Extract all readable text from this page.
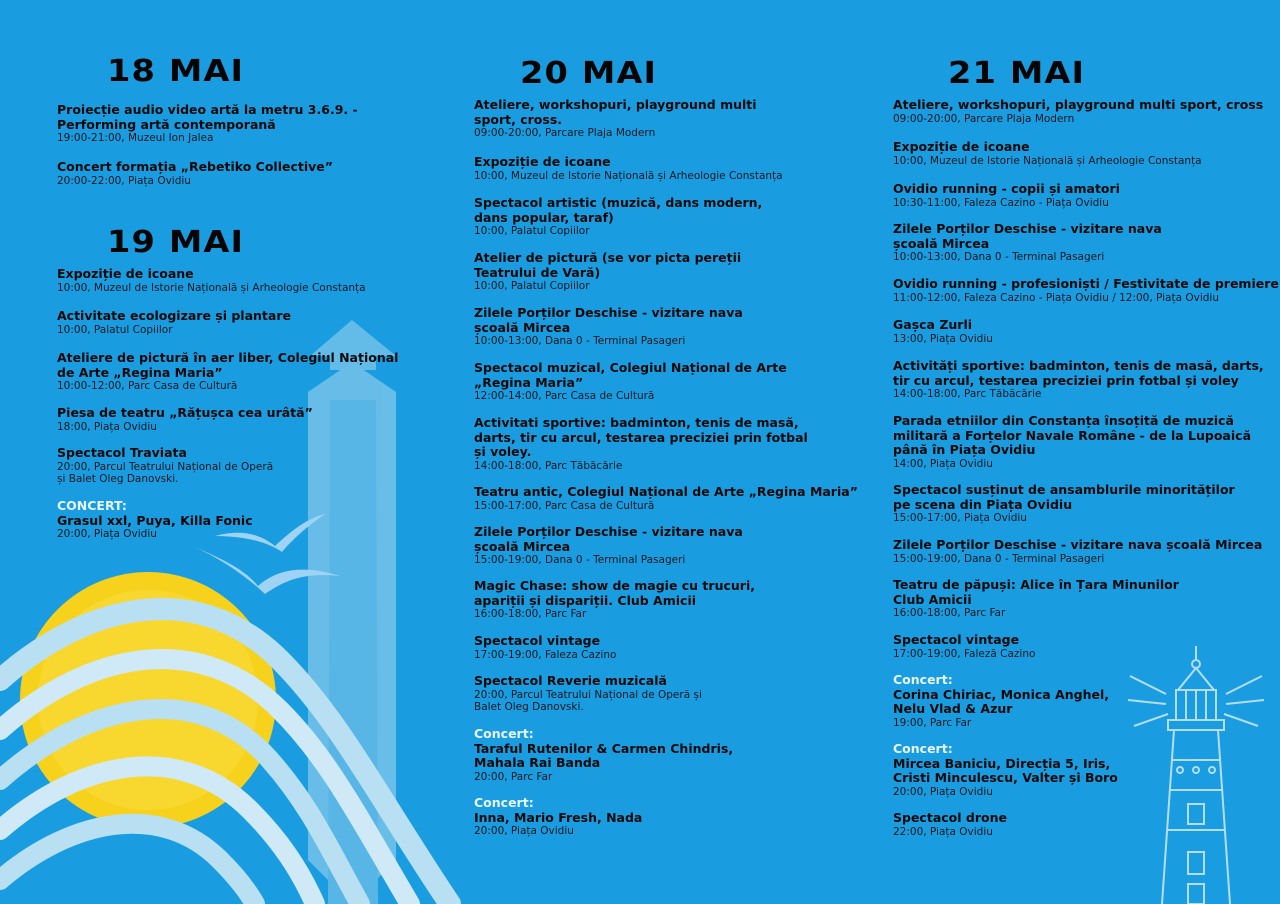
18 MAI
Proiecție audio video artă la metru 3.6.9. -
Performing artă contemporană
19:00-21:00, Muzeul Ion Jalea
Concert formația „Rebetiko Collective”
20:00-22:00, Piața Ovidiu
19 MAI
Expoziție de icoane
10:00, Muzeul de Istorie Națională și Arheologie Constanța
Activitate ecologizare și plantare
10:00, Palatul Copiilor
Ateliere de pictură în aer liber, Colegiul Național
de Arte „Regina Maria”
10:00-12:00, Parc Casa de Cultură
Piesa de teatru „Rățușca cea urâtă”
18:00, Piața Ovidiu
Spectacol Traviata
20:00, Parcul Teatrului Național de Operă
și Balet Oleg Danovski.
CONCERT:
Grasul xxl, Puya, Killa Fonic
20:00, Piața Ovidiu
20 MAI
Ateliere, workshopuri, playground multi
sport, cross.
09:00-20:00, Parcare Plaja Modern
Expoziție de icoane
10:00, Muzeul de Istorie Națională și Arheologie Constanța
Spectacol artistic (muzică, dans modern,
dans popular, taraf)
10:00, Palatul Copiilor
Atelier de pictură (se vor picta pereții
Teatrului de Vară)
10:00, Palatul Copiilor
Zilele Porților Deschise - vizitare nava
școală Mircea
10:00-13:00, Dana 0 - Terminal Pasageri
Spectacol muzical, Colegiul Național de Arte
„Regina Maria”
12:00-14:00, Parc Casa de Cultură
Activitati sportive: badminton, tenis de masă,
darts, tir cu arcul, testarea preciziei prin fotbal
și voley.
14:00-18:00, Parc Tăbăcărie
Teatru antic, Colegiul Național de Arte „Regina Maria”
15:00-17:00, Parc Casa de Cultură
Zilele Porților Deschise - vizitare nava
școală Mircea
15:00-19:00, Dana 0 - Terminal Pasageri
Magic Chase: show de magie cu trucuri,
apariții și dispariții. Club Amicii
16:00-18:00, Parc Far
Spectacol vintage
17:00-19:00, Faleza Cazino
Spectacol Reverie muzicală
20:00, Parcul Teatrului Național de Operă și
Balet Oleg Danovski.
Concert:
Taraful Rutenilor & Carmen Chindris,
Mahala Rai Banda
20:00, Parc Far
Concert:
Inna, Mario Fresh, Nada
20:00, Piața Ovidiu
21 MAI
Ateliere, workshopuri, playground multi sport, cross
09:00-20:00, Parcare Plaja Modern
Expoziție de icoane
10:00, Muzeul de Istorie Națională și Arheologie Constanța
Ovidio running - copii și amatori
10:30-11:00, Faleza Cazino - Piața Ovidiu
Zilele Porților Deschise - vizitare nava
școală Mircea
10:00-13:00, Dana 0 - Terminal Pasageri
Ovidio running - profesioniști / Festivitate de premiere
11:00-12:00, Faleza Cazino - Piața Ovidiu / 12:00, Piața Ovidiu
Gașca Zurli
13:00, Piața Ovidiu
Activități sportive: badminton, tenis de masă, darts,
tir cu arcul, testarea preciziei prin fotbal și voley
14:00-18:00, Parc Tăbăcărie
Parada etniilor din Constanța însoțită de muzică
militară a Forțelor Navale Române - de la Lupoaică
până în Piața Ovidiu
14:00, Piața Ovidiu
Spectacol susținut de ansamblurile minorităților
pe scena din Piața Ovidiu
15:00-17:00, Piața Ovidiu
Zilele Porților Deschise - vizitare nava școală Mircea
15:00-19:00, Dana 0 - Terminal Pasageri
Teatru de păpuși: Alice în Țara Minunilor
Club Amicii
16:00-18:00, Parc Far
Spectacol vintage
17:00-19:00, Faleză Cazino
Concert:
Corina Chiriac, Monica Anghel,
Nelu Vlad & Azur
19:00, Parc Far
Concert:
Mircea Baniciu, Direcția 5, Iris,
Cristi Minculescu, Valter și Boro
20:00, Piața Ovidiu
Spectacol drone
22:00, Piața Ovidiu
